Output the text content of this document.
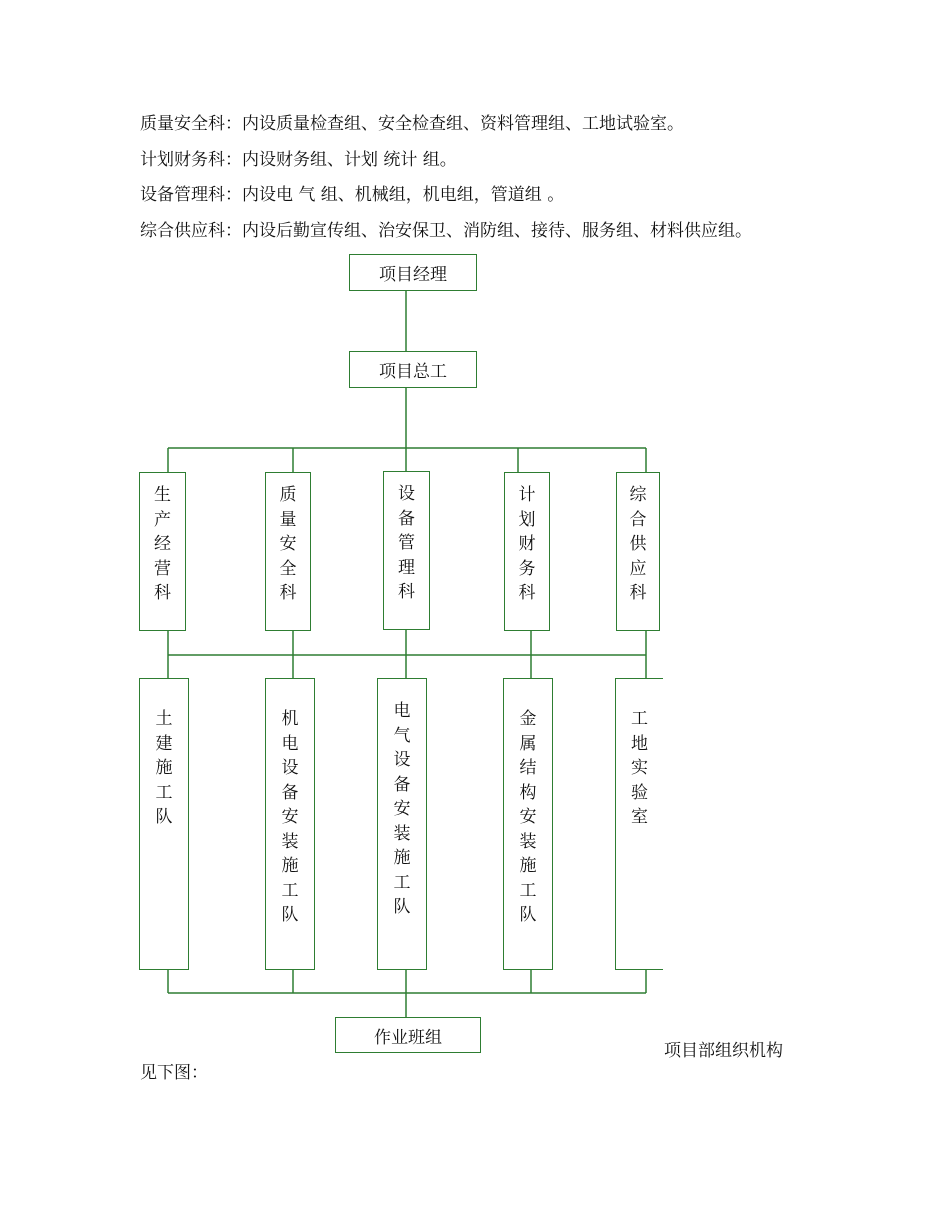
质量安全科：内设质量检查组、安全检查组、资料管理组、工地试验室。
计划财务科：内设财务组、计划 统计 组。
设备管理科：内设电 气 组、机械组，机电组，管道组 。
综合供应科：内设后勤宣传组、治安保卫、消防组、接待、服务组、材料供应组。
项目经理
项目总工
生
产
经
营
科
质
量
安
全
科
设
备
管
理
科
计
划
财
务
科
综
合
供
应
科
土
建
施
工
队
机
电
设
备
安
装
施
工
队
电
气
设
备
安
装
施
工
队
金
属
结
构
安
装
施
工
队
工
地
实
验
室
作业班组
项目部组织机构
见下图：
